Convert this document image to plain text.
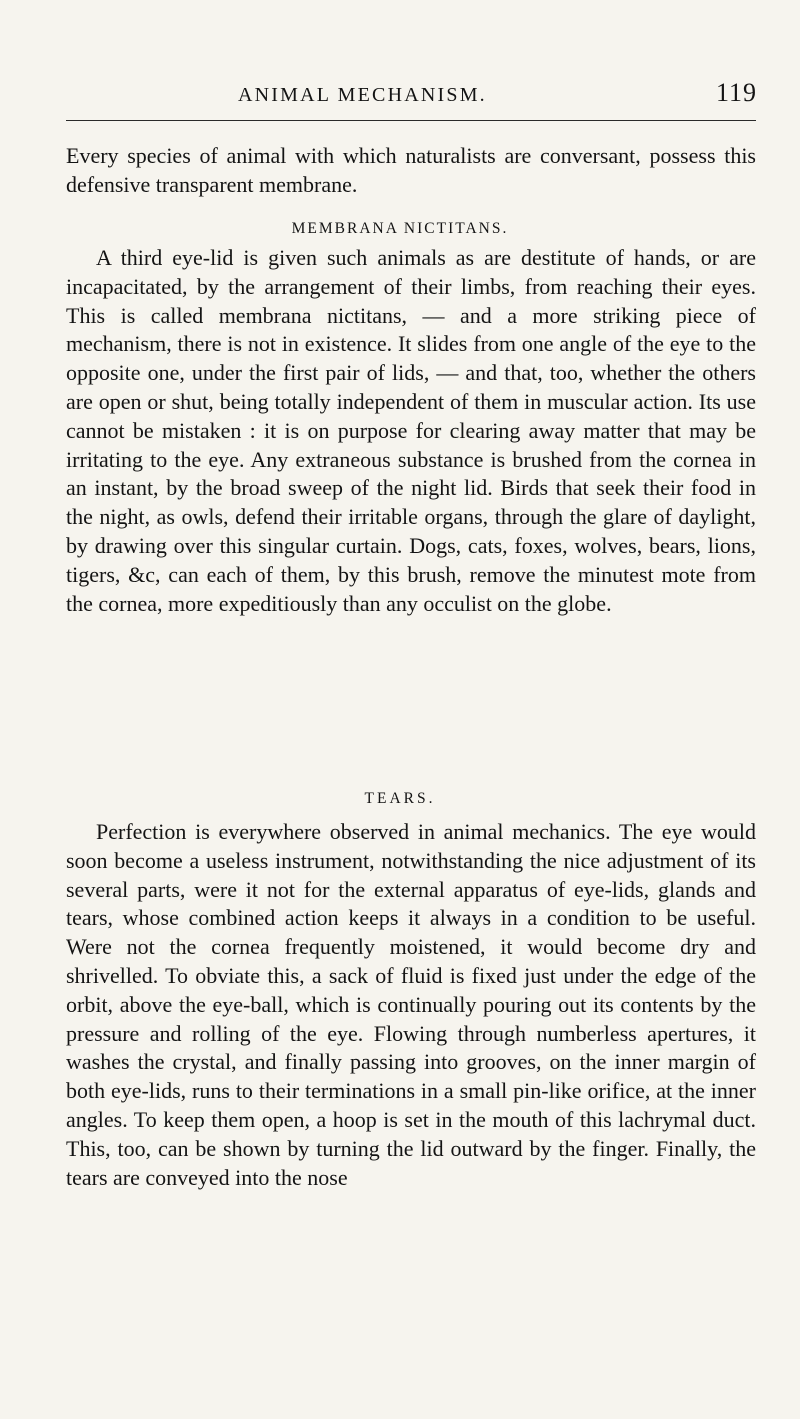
ANIMAL MECHANISM.	119

Every species of animal with which naturalists are conversant, possess this defensive transparent membrane.

MEMBRANA NICTITANS.

A third eye-lid is given such animals as are destitute of hands, or are incapacitated, by the arrangement of their limbs, from reaching their eyes. This is called membrana nictitans, — and a more striking piece of mechanism, there is not in existence. It slides from one angle of the eye to the opposite one, under the first pair of lids, — and that, too, whether the others are open or shut, being totally independent of them in muscular action. Its use cannot be mistaken : it is on purpose for clearing away matter that may be irritating to the eye. Any extraneous substance is brushed from the cornea in an instant, by the broad sweep of the night lid. Birds that seek their food in the night, as owls, defend their irritable organs, through the glare of daylight, by drawing over this singular curtain. Dogs, cats, foxes, wolves, bears, lions, tigers, &c, can each of them, by this brush, remove the minutest mote from the cornea, more expeditiously than any occulist on the globe.

TEARS.

Perfection is everywhere observed in animal mechanics. The eye would soon become a useless instrument, notwithstanding the nice adjustment of its several parts, were it not for the external apparatus of eye-lids, glands and tears, whose combined action keeps it always in a condition to be useful. Were not the cornea frequently moistened, it would become dry and shrivelled. To obviate this, a sack of fluid is fixed just under the edge of the orbit, above the eye-ball, which is continually pouring out its contents by the pressure and rolling of the eye. Flowing through numberless apertures, it washes the crystal, and finally passing into grooves, on the inner margin of both eye-lids, runs to their terminations in a small pin-like orifice, at the inner angles. To keep them open, a hoop is set in the mouth of this lachrymal duct. This, too, can be shown by turning the lid outward by the finger. Finally, the tears are conveyed into the nose
